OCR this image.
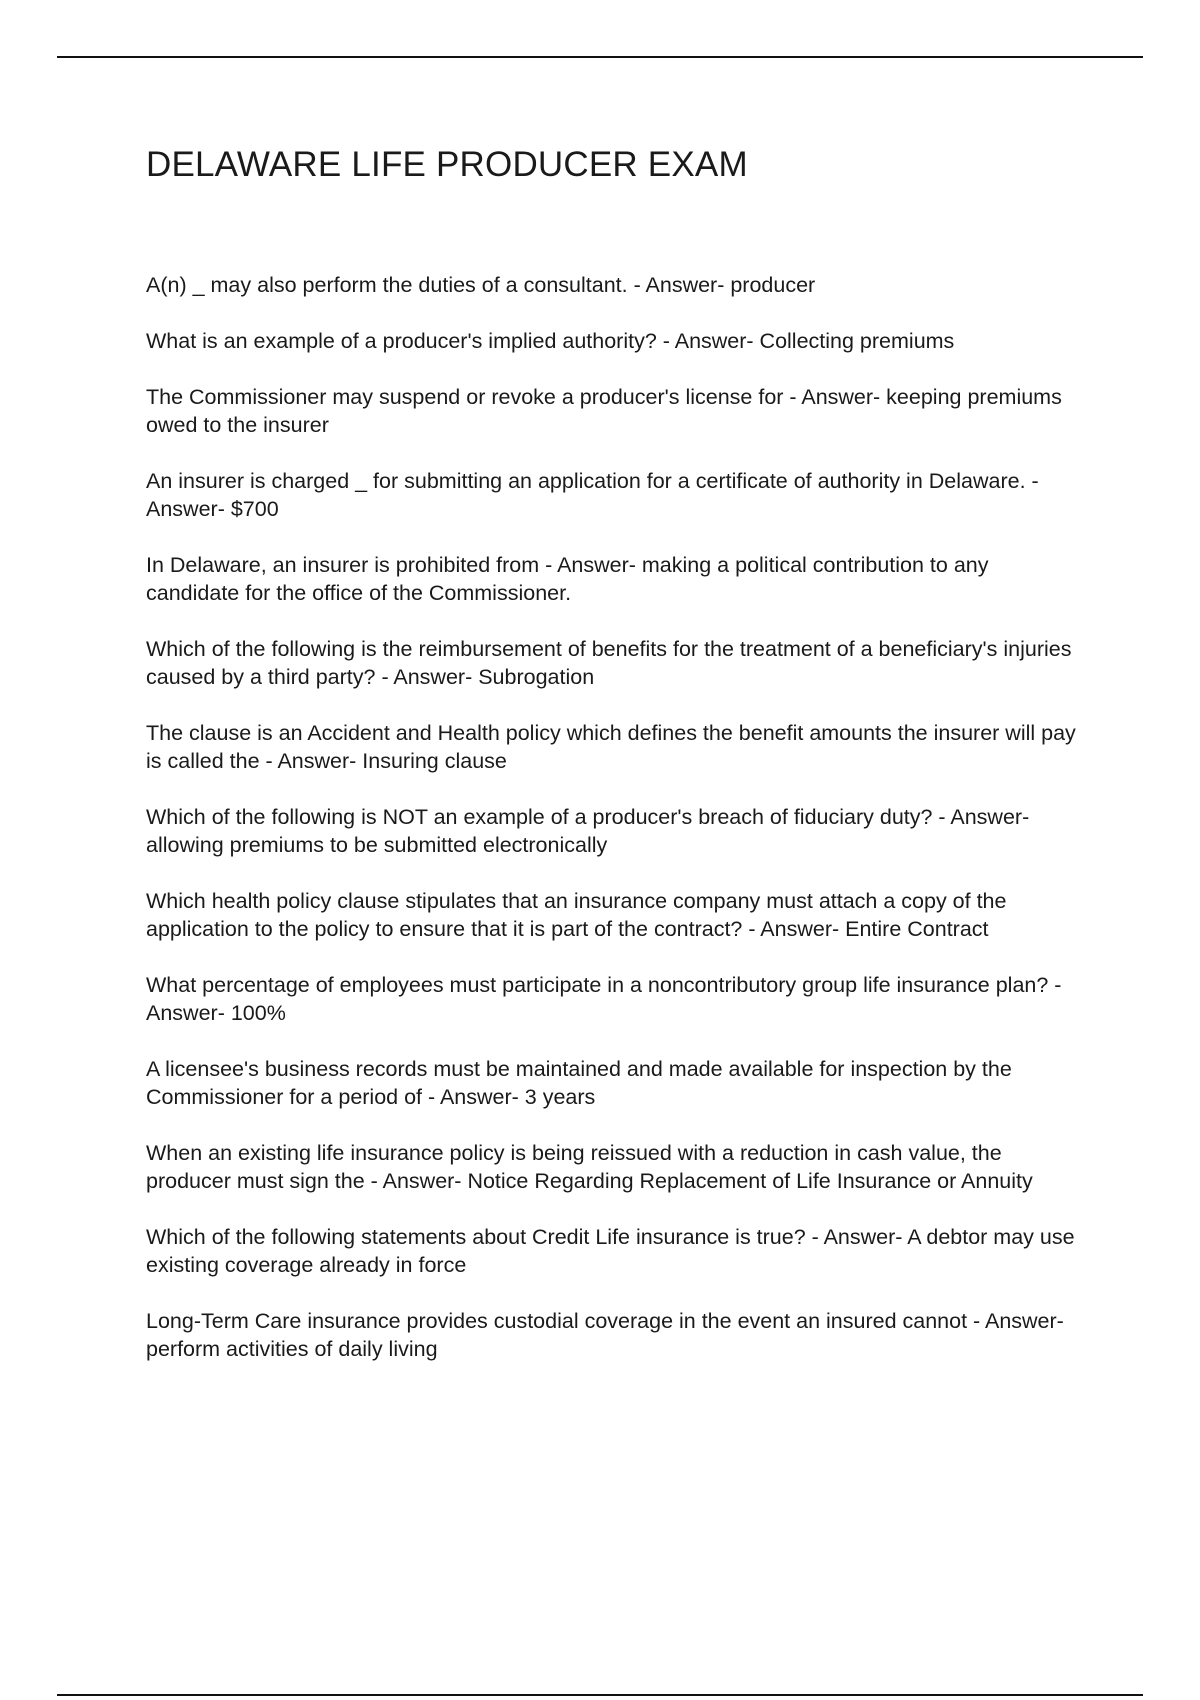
DELAWARE LIFE PRODUCER EXAM
A(n) _ may also perform the duties of a consultant. - Answer- producer
What is an example of a producer's implied authority? - Answer- Collecting premiums
The Commissioner may suspend or revoke a producer's license for - Answer- keeping premiums owed to the insurer
An insurer is charged _ for submitting an application for a certificate of authority in Delaware. - Answer- $700
In Delaware, an insurer is prohibited from - Answer- making a political contribution to any candidate for the office of the Commissioner.
Which of the following is the reimbursement of benefits for the treatment of a beneficiary's injuries caused by a third party? - Answer- Subrogation
The clause is an Accident and Health policy which defines the benefit amounts the insurer will pay is called the - Answer- Insuring clause
Which of the following is NOT an example of a producer's breach of fiduciary duty? - Answer- allowing premiums to be submitted electronically
Which health policy clause stipulates that an insurance company must attach a copy of the application to the policy to ensure that it is part of the contract? - Answer- Entire Contract
What percentage of employees must participate in a noncontributory group life insurance plan? - Answer- 100%
A licensee's business records must be maintained and made available for inspection by the Commissioner for a period of - Answer- 3 years
When an existing life insurance policy is being reissued with a reduction in cash value, the producer must sign the - Answer- Notice Regarding Replacement of Life Insurance or Annuity
Which of the following statements about Credit Life insurance is true? - Answer- A debtor may use existing coverage already in force
Long-Term Care insurance provides custodial coverage in the event an insured cannot - Answer- perform activities of daily living
